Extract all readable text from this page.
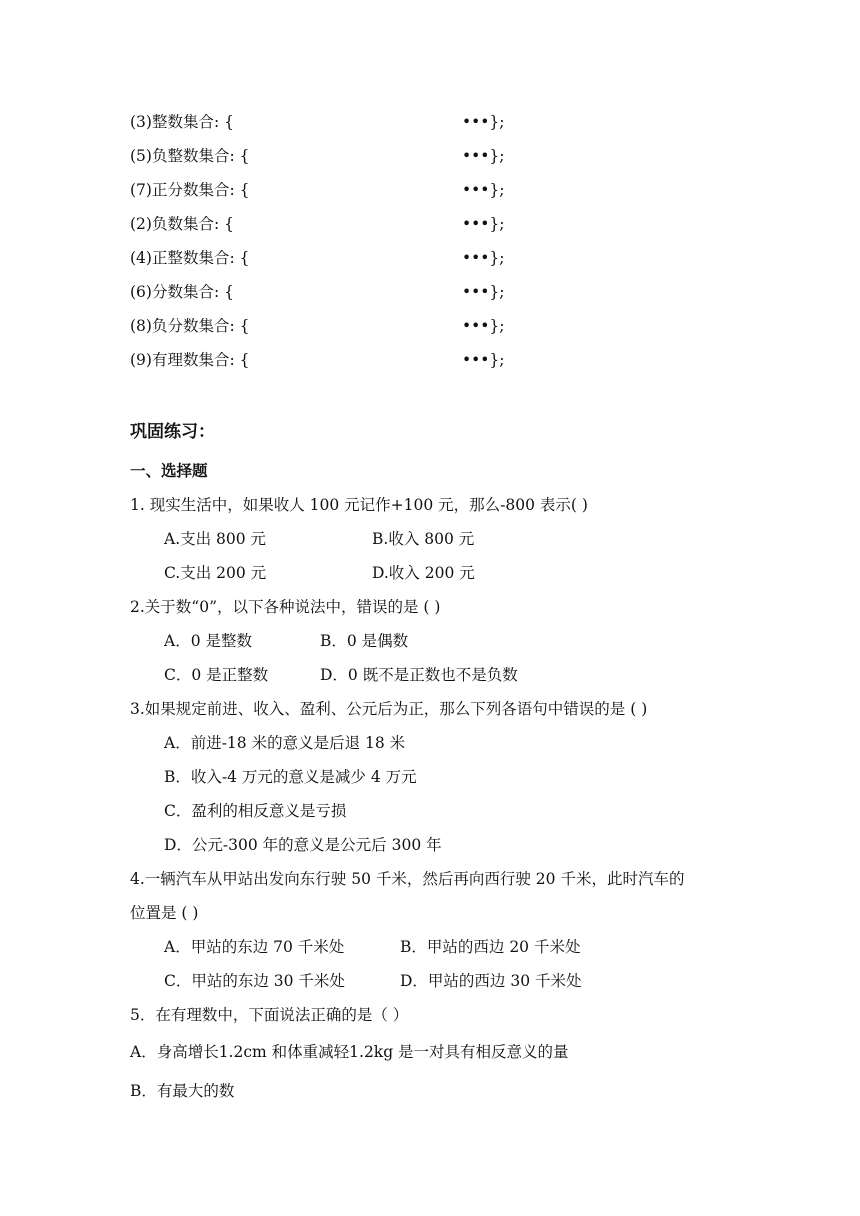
(3)整数集合: {	•••};
(5)负整数集合: {	•••};
(7)正分数集合: {	•••};
(2)负数集合: {	•••};
(4)正整数集合: {	•••};
(6)分数集合: {	•••};
(8)负分数集合: {	•••};
(9)有理数集合: {	•••};
巩固练习：
一、选择题
1. 现实生活中，如果收人 100 元记作+100 元，那么-800 表示( )
A.支出 800 元	B.收入 800 元
C.支出 200 元	D.收入 200 元
2.关于数“0”，以下各种说法中，错误的是 ( )
A．0 是整数	B．0 是偶数
C．0 是正整数	D．0 既不是正数也不是负数
3.如果规定前进、收入、盈利、公元后为正，那么下列各语句中错误的是 ( )
A．前进-18 米的意义是后退 18 米
B．收入-4 万元的意义是减少 4 万元
C．盈利的相反意义是亏损
D．公元-300 年的意义是公元后 300 年
4.一辆汽车从甲站出发向东行驶 50 千米，然后再向西行驶 20 千米，此时汽车的
位置是 ( )
A．甲站的东边 70 千米处	B．甲站的西边 20 千米处
C．甲站的东边 30 千米处	D．甲站的西边 30 千米处
5．在有理数中，下面说法正确的是（ ）
A．身高增长1.2cm 和体重减轻1.2kg 是一对具有相反意义的量
B．有最大的数
